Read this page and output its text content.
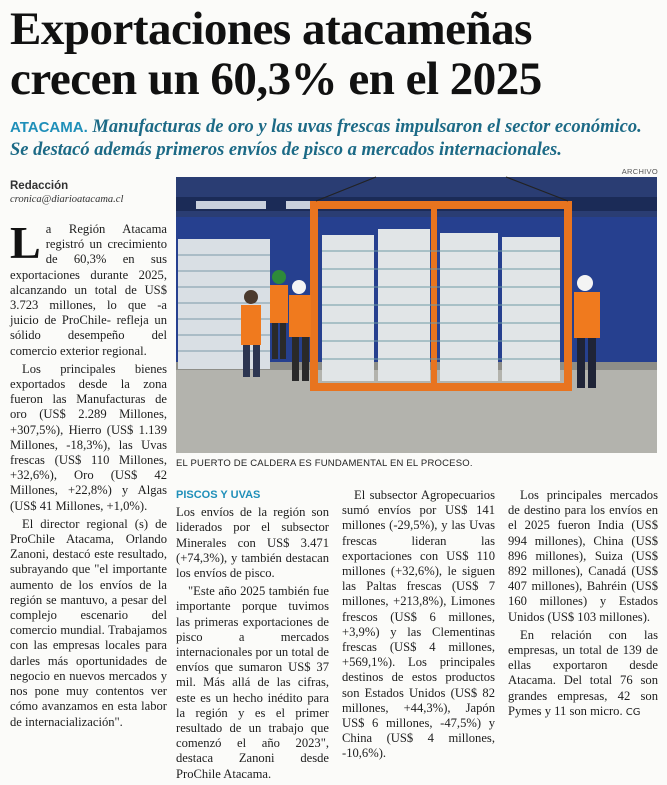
Exportaciones atacameñas
crecen un 60,3% en el 2025
ATACAMA. Manufacturas de oro y las uvas frescas impulsaron el sector económico. Se destacó además primeros envíos de pisco a mercados internacionales.
Redacción
cronica@diarioatacama.cl
ARCHIVO
EL PUERTO DE CALDERA ES FUNDAMENTAL EN EL PROCESO.

La Región Atacama registró un crecimiento de 60,3% en sus exportaciones durante 2025, alcanzando un total de US$ 3.723 millones, lo que -a juicio de ProChile- refleja un sólido desempeño del comercio exterior regional.

Los principales bienes exportados desde la zona fueron las Manufacturas de oro (US$ 2.289 Millones, +307,5%), Hierro (US$ 1.139 Millones, -18,3%), las Uvas frescas (US$ 110 Millones, +32,6%), Oro (US$ 42 Millones, +22,8%) y Algas (US$ 41 Millones, +1,0%).

El director regional (s) de ProChile Atacama, Orlando Zanoni, destacó este resultado, subrayando que "el importante aumento de los envíos de la región se mantuvo, a pesar del complejo escenario del comercio mundial. Trabajamos con las empresas locales para darles más oportunidades de negocio en nuevos mercados y nos pone muy contentos ver cómo avanzamos en esta labor de internacialización".

PISCOS Y UVAS

Los envíos de la región son liderados por el subsector Minerales con US$ 3.471 (+74,3%), y también destacan los envíos de pisco.

"Este año 2025 también fue importante porque tuvimos las primeras exportaciones de pisco a mercados internacionales por un total de envíos que sumaron US$ 37 mil. Más allá de las cifras, este es un hecho inédito para la región y es el primer resultado de un trabajo que comenzó el año 2023", destaca Zanoni desde ProChile Atacama.

El subsector Agropecuarios sumó envíos por US$ 141 millones (-29,5%), y las Uvas frescas lideran las exportaciones con US$ 110 millones (+32,6%), le siguen las Paltas frescas (US$ 7 millones, +213,8%), Limones frescos (US$ 6 millones, +3,9%) y las Clementinas frescas (US$ 4 millones, +569,1%). Los principales destinos de estos productos son Estados Unidos (US$ 82 millones, +44,3%), Japón US$ 6 millones, -47,5%) y China (US$ 4 millones, -10,6%).

Los principales mercados de destino para los envíos en el 2025 fueron India (US$ 994 millones), China (US$ 896 millones), Suiza (US$ 892 millones), Canadá (US$ 407 millones), Bahréin (US$ 160 millones) y Estados Unidos (US$ 103 millones).

En relación con las empresas, un total de 139 de ellas exportaron desde Atacama. Del total 76 son grandes empresas, 42 son Pymes y 11 son micro. CG
